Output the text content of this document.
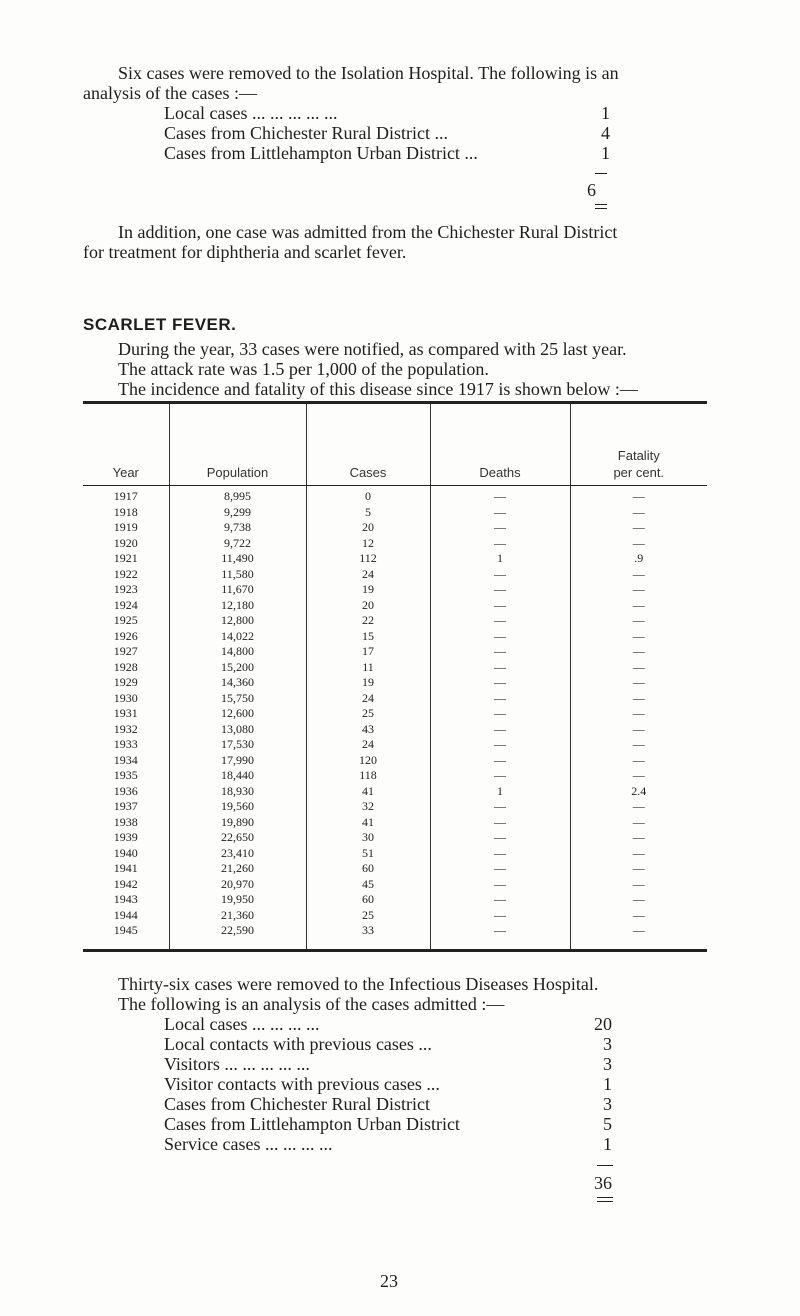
Six cases were removed to the Isolation Hospital. The following is an
analysis of the cases :—
Local cases ... ... ... ... ...	1
Cases from Chichester Rural District ...	4
Cases from Littlehampton Urban District ...	1
6
In addition, one case was admitted from the Chichester Rural District
for treatment for diphtheria and scarlet fever.
SCARLET FEVER.
During the year, 33 cases were notified, as compared with 25 last year.
The attack rate was 1.5 per 1,000 of the population.
The incidence and fatality of this disease since 1917 is shown below :—
Year	Population	Cases	Deaths	Fatality
per cent.

1917	8,995	0	—	—
1918	9,299	5	—	—
1919	9,738	20	—	—
1920	9,722	12	—	—
1921	11,490	112	1	.9
1922	11,580	24	—	—
1923	11,670	19	—	—
1924	12,180	20	—	—
1925	12,800	22	—	—
1926	14,022	15	—	—
1927	14,800	17	—	—
1928	15,200	11	—	—
1929	14,360	19	—	—
1930	15,750	24	—	—
1931	12,600	25	—	—
1932	13,080	43	—	—
1933	17,530	24	—	—
1934	17,990	120	—	—
1935	18,440	118	—	—
1936	18,930	41	1	2.4
1937	19,560	32	—	—
1938	19,890	41	—	—
1939	22,650	30	—	—
1940	23,410	51	—	—
1941	21,260	60	—	—
1942	20,970	45	—	—
1943	19,950	60	—	—
1944	21,360	25	—	—
1945	22,590	33	—	—
Thirty-six cases were removed to the Infectious Diseases Hospital.
The following is an analysis of the cases admitted :—
Local cases ... ... ... ...	20
Local contacts with previous cases ...	3
Visitors ... ... ... ... ...	3
Visitor contacts with previous cases ...	1
Cases from Chichester Rural District	3
Cases from Littlehampton Urban District	5
Service cases ... ... ... ...	1
36
23
